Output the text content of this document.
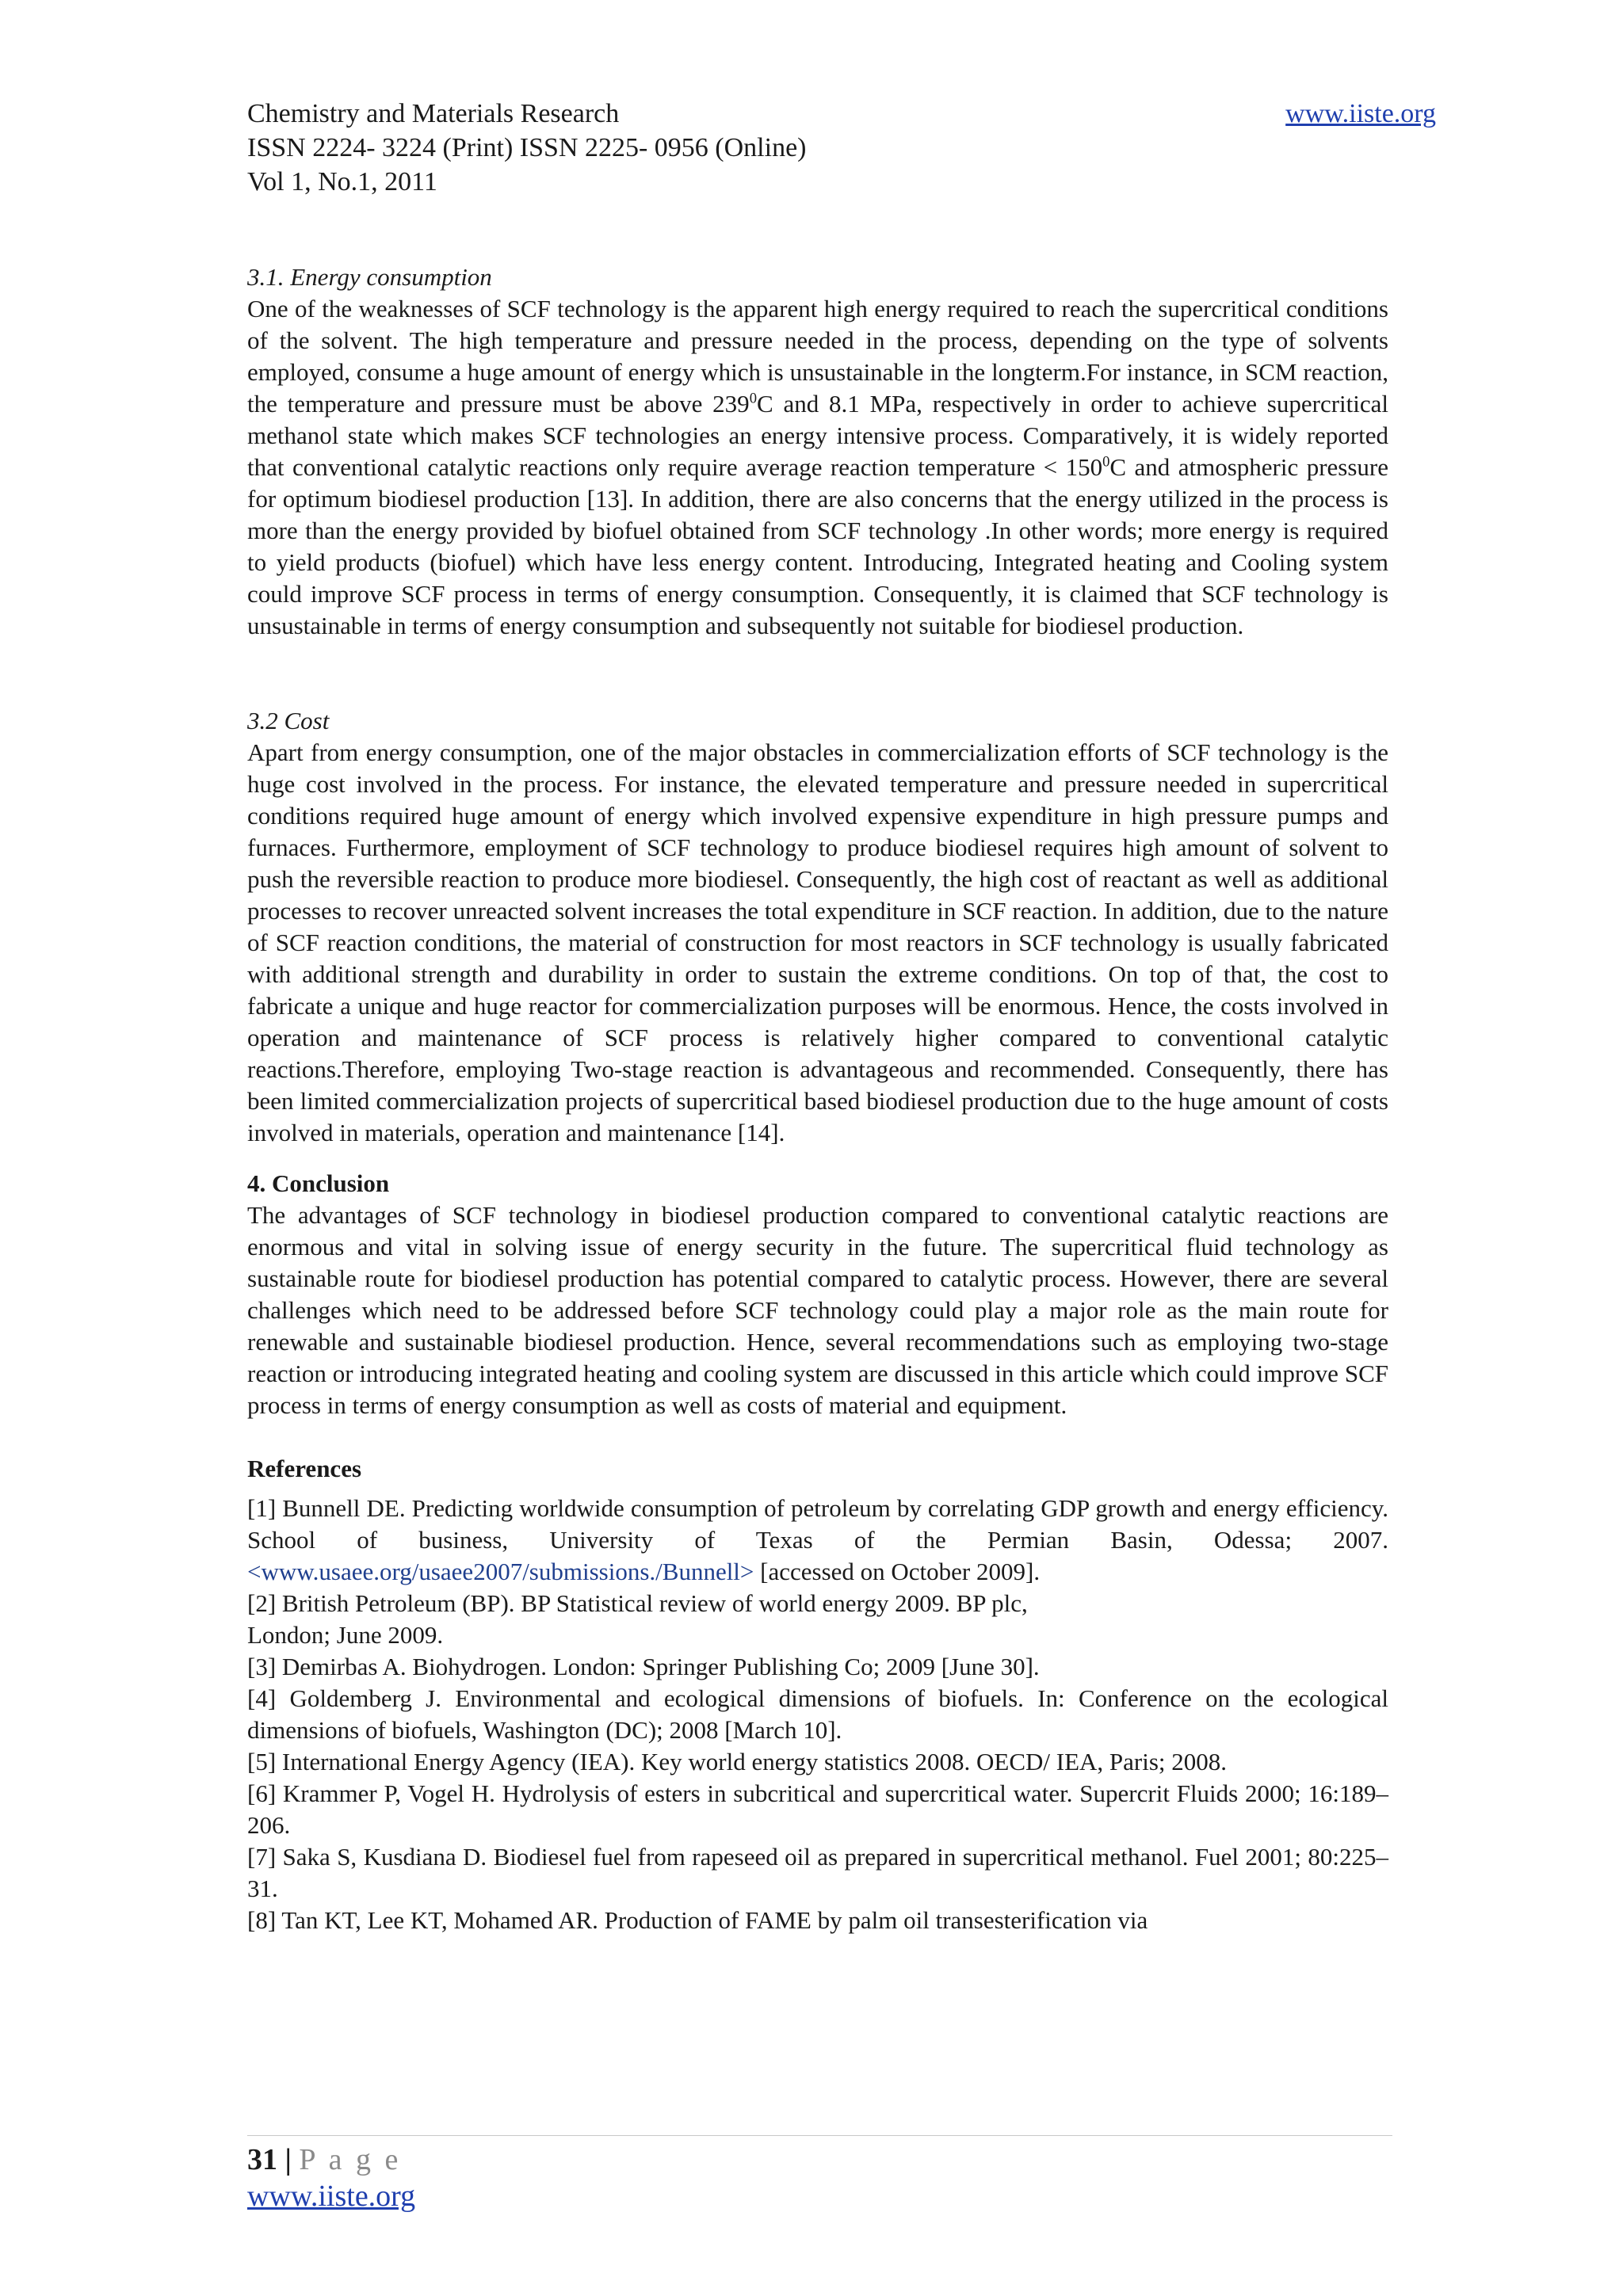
Chemistry and Materials Research	www.iiste.org
ISSN 2224- 3224 (Print) ISSN 2225- 0956 (Online)
Vol 1, No.1, 2011
3.1. Energy consumption

One of the weaknesses of SCF technology is the apparent high energy required to reach the supercritical conditions of the solvent. The high temperature and pressure needed in the process, depending on the type of solvents employed, consume a huge amount of energy which is unsustainable in the longterm.For instance, in SCM reaction, the temperature and pressure must be above $239^0C$ and 8.1 MPa, respectively in order to achieve supercritical methanol state which makes SCF technologies an energy intensive process. Comparatively, it is widely reported that conventional catalytic reactions only require average reaction temperature < $150^0C$ and atmospheric pressure for optimum biodiesel production [13]. In addition, there are also concerns that the energy utilized in the process is more than the energy provided by biofuel obtained from SCF technology .In other words; more energy is required to yield products (biofuel) which have less energy content. Introducing, Integrated heating and Cooling system could improve SCF process in terms of energy consumption. Consequently, it is claimed that SCF technology is unsustainable in terms of energy consumption and subsequently not suitable for biodiesel production.

3.2 Cost

Apart from energy consumption, one of the major obstacles in commercialization efforts of SCF technology is the huge cost involved in the process. For instance, the elevated temperature and pressure needed in supercritical conditions required huge amount of energy which involved expensive expenditure in high pressure pumps and furnaces. Furthermore, employment of SCF technology to produce biodiesel requires high amount of solvent to push the reversible reaction to produce more biodiesel. Consequently, the high cost of reactant as well as additional processes to recover unreacted solvent increases the total expenditure in SCF reaction. In addition, due to the nature of SCF reaction conditions, the material of construction for most reactors in SCF technology is usually fabricated with additional strength and durability in order to sustain the extreme conditions. On top of that, the cost to fabricate a unique and huge reactor for commercialization purposes will be enormous. Hence, the costs involved in operation and maintenance of SCF process is relatively higher compared to conventional catalytic reactions.Therefore, employing Two-stage reaction is advantageous and recommended. Consequently, there has been limited commercialization projects of supercritical based biodiesel production due to the huge amount of costs involved in materials, operation and maintenance [14].

4. Conclusion

The advantages of SCF technology in biodiesel production compared to conventional catalytic reactions are enormous and vital in solving issue of energy security in the future. The supercritical fluid technology as sustainable route for biodiesel production has potential compared to catalytic process. However, there are several challenges which need to be addressed before SCF technology could play a major role as the main route for renewable and sustainable biodiesel production. Hence, several recommendations such as employing two-stage reaction or introducing integrated heating and cooling system are discussed in this article which could improve SCF process in terms of energy consumption as well as costs of material and equipment.

References

[1] Bunnell DE. Predicting worldwide consumption of petroleum by correlating GDP growth and energy efficiency. School of business, University of Texas of the Permian Basin, Odessa; 2007. <www.usaee.org/usaee2007/submissions./Bunnell> [accessed on October 2009].

[2] British Petroleum (BP). BP Statistical review of world energy 2009. BP plc,

London; June 2009.

[3] Demirbas A. Biohydrogen. London: Springer Publishing Co; 2009 [June 30].

[4] Goldemberg J. Environmental and ecological dimensions of biofuels. In: Conference on the ecological dimensions of biofuels, Washington (DC); 2008 [March 10].

[5] International Energy Agency (IEA). Key world energy statistics 2008. OECD/ IEA, Paris; 2008.

[6] Krammer P, Vogel H. Hydrolysis of esters in subcritical and supercritical water. Supercrit Fluids 2000; 16:189–206.

[7] Saka S, Kusdiana D. Biodiesel fuel from rapeseed oil as prepared in supercritical methanol. Fuel 2001; 80:225–31.

[8] Tan KT, Lee KT, Mohamed AR. Production of FAME by palm oil transesterification via

31 | P a g e
www.iiste.org
